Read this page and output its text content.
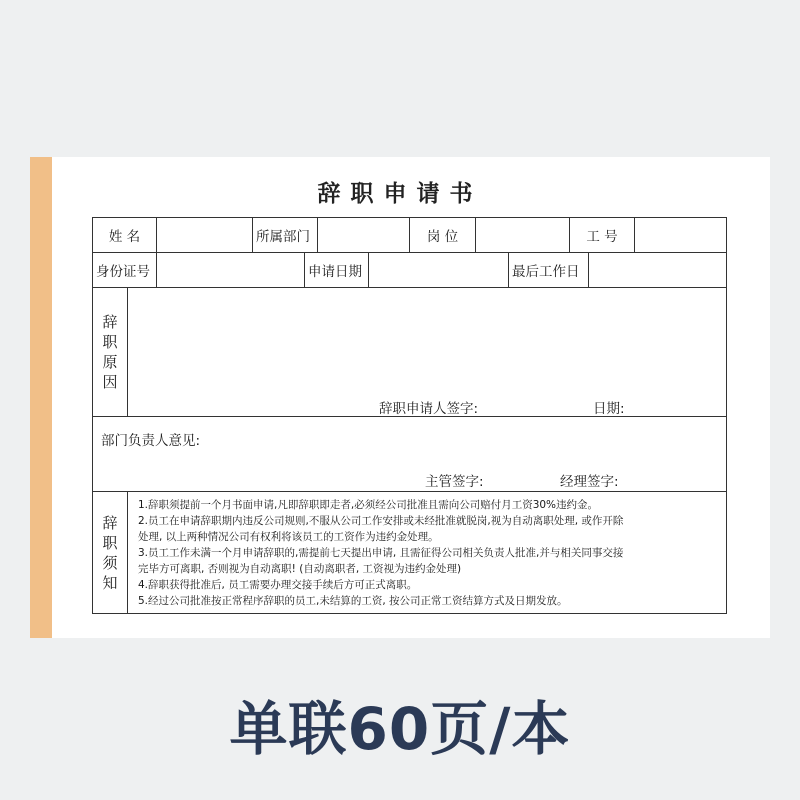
辞职申请书
姓 名	所属部门	岗 位	工 号
身份证号	申请日期	最后工作日
辞
职
原
因
辞职申请人签字:	日期:
部门负责人意见:
主管签字:	经理签字:
辞
职
须
知
1.辞职须提前一个月书面申请,凡即辞职即走者,必须经公司批准且需向公司赔付月工资30%违约金。
2.员工在申请辞职期内违反公司规则,不服从公司工作安排或未经批准就脱岗,视为自动离职处理, 或作开除
处理, 以上两种情况公司有权利将该员工的工资作为违约金处理。
3.员工工作未满一个月申请辞职的,需提前七天提出申请, 且需征得公司相关负责人批准,并与相关同事交接
完毕方可离职, 否则视为自动离职! (自动离职者, 工资视为违约金处理)
4.辞职获得批准后, 员工需要办理交接手续后方可正式离职。
5.经过公司批准按正常程序辞职的员工,未结算的工资, 按公司正常工资结算方式及日期发放。
单联60页/本
